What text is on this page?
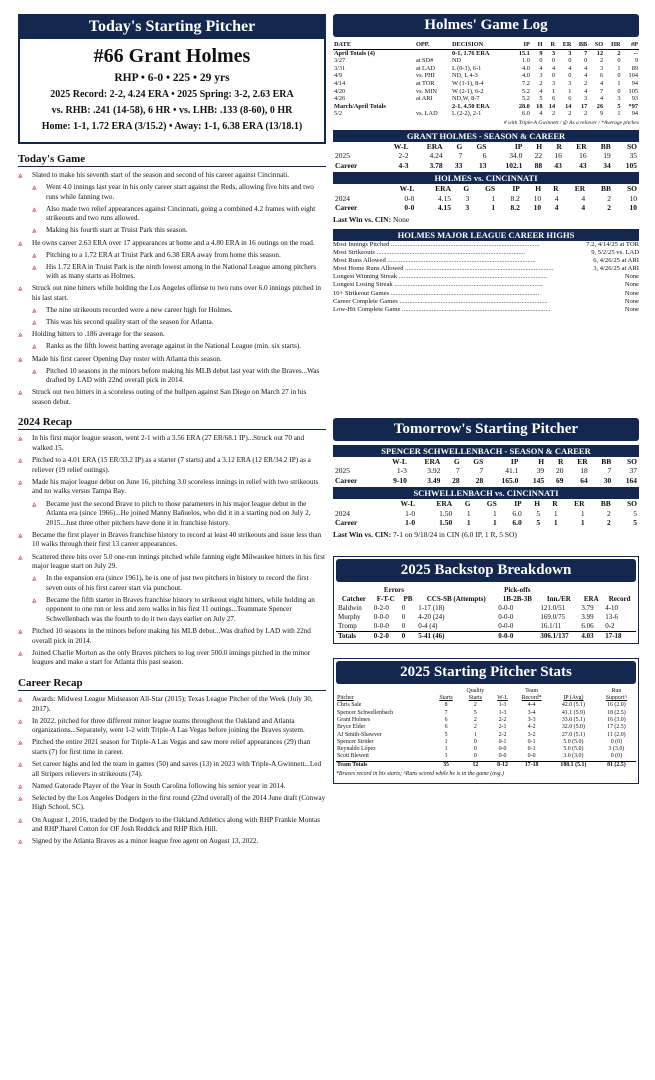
Today's Starting Pitcher
#66 Grant Holmes
RHP • 6-0 • 225 • 29 yrs
2025 Record: 2-2, 4.24 ERA • 2025 Spring: 3-2, 2.63 ERA
vs. RHB: .241 (14-58), 6 HR • vs. LHB: .133 (8-60), 0 HR
Home: 1-1, 1.72 ERA (3/15.2) • Away: 1-1, 6.38 ERA (13/18.1)
Today's Game
⩓ Slated to make his seventh start of the season and second of his career against Cincinnati.
⩓ Went 4.0 innings last year in his only career start against the Reds, allowing five hits and two runs while fanning two.
⩓ Also made two relief appearances against Cincinnati, going a combined 4.2 frames with eight strikeouts and two runs allowed.
⩓ Making his fourth start at Truist Park this season.
⩓ He owns career 2.63 ERA over 17 appearances at home and a 4.80 ERA in 16 outings on the road.
⩓ Pitching to a 1.72 ERA at Truist Park and 6.38 ERA away from home this season.
⩓ His 1.72 ERA in Truist Park is the ninth lowest among in the National League among pitchers with as many starts as Holmes.
⩓ Struck out nine hitters while holding the Los Angeles offense to two runs over 6.0 innings pitched in his last start.
⩓ The nine strikeouts recorded were a new career high for Holmes.
⩓ This was his second quality start of the season for Atlanta.
⩓ Holding hitters to .186 average for the season.
⩓ Ranks as the fifth lowest batting average against in the National League (min. six starts).
⩓ Made his first career Opening Day roster with Atlanta this season.
⩓ Pitched 10 seasons in the minors before making his MLB debut last year with the Braves...Was drafted by LAD with 22nd overall pick in 2014.
⩓ Struck out two hitters in a scoreless outing of the bullpen against San Diego on March 27 in his season debut.
2024 Recap
⩓ In his first major league season, went 2-1 with a 3.56 ERA (27 ER/68.1 IP)...Struck out 70 and walked 15.
⩓ Pitched to a 4.01 ERA (15 ER/33.2 IP) as a starter (7 starts) and a 3.12 ERA (12 ER/34.2 IP) as a reliever (19 relief outings).
⩓ Made his major league debut on June 16, pitching 3.0 scoreless innings in relief with two strikeouts and no walks versus Tampa Bay.
⩓ Became just the second Brave to pitch to those parameters in his major league debut in the Atlanta era (since 1966)...He joined Manny Bañuelos, who did it in a starting nod on July 2, 2015...Just three other pitchers have done it in franchise history.
⩓ Became the first player in Braves franchise history to record at least 40 strikeouts and issue less than 10 walks through their first 13 career appearances.
⩓ Scattered three hits over 5.0 one-run innings pitched while fanning eight Milwaukee hitters in his first major league start on July 29.
⩓ In the expansion era (since 1961), he is one of just two pitchers in history to record the first seven outs of his first career start via punchout.
⩓ Became the fifth starter in Braves franchise history to strikeout eight hitters, while holding an opponent to one run or less and zero walks in his first 11 outings...Teammate Spencer Schwellenbach was the fourth to do it two days earlier on July 27.
⩓ Pitched 10 seasons in the minors before making his MLB debut...Was drafted by LAD with 22nd overall pick in 2014.
⩓ Joined Charlie Morton as the only Braves pitchers to log over 500.0 innings pitched in the minor leagues and make a start for Atlanta this past season.
Career Recap
⩓ Awards: Midwest League Midseason All-Star (2015); Texas League Pitcher of the Week (July 30, 2017).
⩓ In 2022, pitched for three different minor league teams throughout the Oakland and Atlanta organizations...Separately, went 1-2 with Triple-A Las Vegas before joining the Braves system.
⩓ Pitched the entire 2021 season for Triple-A Las Vegas and saw more relief appearances (29) than starts (7) for first time in career.
⩓ Set career highs and led the team in games (50) and saves (13) in 2023 with Triple-A Gwinnett...Led all Stripers relievers in strikeouts (74).
⩓ Named Gatorade Player of the Year in South Carolina following his senior year in 2014.
⩓ Selected by the Los Angeles Dodgers in the first round (22nd overall) of the 2014 June draft (Conway High School, SC).
⩓ On August 1, 2016, traded by the Dodgers to the Oakland Athletics along with RHP Frankie Montas and RHP Jharel Cotton for OF Josh Reddick and RHP Rich Hill.
⩓ Signed by the Atlanta Braves as a minor league free agent on August 13, 2022.
Holmes' Game Log
DATE	OPP.	DECISION	IP	H	R	ER	BB	SO	HR	#P
April Totals (4)		0-1, 1.76 ERA	15.1	9	3	3	7	12	2	--
3/27	at SD#	ND	1.0	0	0	0	0	2	0	9
3/31	at LAD	L (0-1), 6-1	4.0	4	4	4	4	3	1	89
4/9	vs. PHI	ND, L 4-3	4.0	3	0	0	4	6	0	104
4/14	at TOR	W (1-1), 8-4	7.2	2	3	3	2	4	1	94
4/20	vs. MIN	W (2-1), 6-2	5.2	4	1	1	4	7	0	105
4/26	at ARI	ND,W, 8-7	5.2	5	6	6	3	4	3	93
March/April Totals		2-1, 4.50 ERA	28.0	18	14	14	17	26	5	*97
5/2	vs. LAD	L (2-2), 2-1	6.0	4	2	2	2	9	1	94
# with Triple-A Gwinnett / @ As a reliever / *Average pitches
GRANT HOLMES - SEASON & CAREER
	W-L	ERA	G	GS	IP	H	R	ER	BB	SO
2025	2-2	4.24	7	6	34.0	22	16	16	19	35
Career	4-3	3.78	33	13	102.1	88	43	43	34	105
HOLMES vs. CINCINNATI
	W-L	ERA	G	GS	IP	H	R	ER	BB	SO
2024	0-0	4.15	3	1	8.2	10	4	4	2	10
Career	0-0	4.15	3	1	8.2	10	4	4	2	10
Last Win vs. CIN: None
HOLMES MAJOR LEAGUE CAREER HIGHS
Most Innings Pitched ..........................................................................................	7.2, 4/14/25 at TOR
Most Strikeouts ..........................................................................................	9, 5/2/25 vs. LAD
Most Runs Allowed ..........................................................................................	6, 4/26/25 at ARI
Most Home Runs Allowed ..........................................................................................	3, 4/26/25 at ARI
Longest Winning Streak ..........................................................................................	None
Longest Losing Streak ..........................................................................................	None
10+ Strikeout Games ..........................................................................................	None
Career Complete Games ..........................................................................................	None
Low-Hit Complete Game ..........................................................................................	None
Tomorrow's Starting Pitcher
SPENCER SCHWELLENBACH - SEASON & CAREER
	W-L	ERA	G	GS	IP	H	R	ER	BB	SO
2025	1-3	3.92	7	7	41.1	39	20	18	7	37
Career	9-10	3.49	28	28	165.0	145	69	64	30	164
SCHWELLENBACH vs. CINCINNATI
	W-L	ERA	G	GS	IP	H	R	ER	BB	SO
2024	1-0	1.50	1	1	6.0	5	1	1	2	5
Career	1-0	1.50	1	1	6.0	5	1	1	2	5
Last Win vs. CIN: 7-1 on 9/18/24 in CIN (6.0 IP, 1 R, 5 SO)
2025 Backstop Breakdown
	Errors			Pick-offs			
Catcher	F-T-C	PB	CCS-SB (Attempts)	1B-2B-3B	Inn./ER	ERA	Record
Baldwin	0-2-0	0	1-17 (18)	0-0-0	121.0/51	3.79	4-10
Murphy	0-0-0	0	4-20 (24)	0-0-0	169.0/75	3.99	13-6
Tromp	0-0-0	0	0-4 (4)	0-0-0	16.1/11	6.06	0-2
Totals	0-2-0	0	5-41 (46)	0-0-0	306.1/137	4.03	17-18
2025 Starting Pitcher Stats
		Quality		Team		Run
Pitcher	Starts	Starts	W-L	Record*	IP (Avg)	Support^
Chris Sale	8	2	1-3	4-4	42.0 (5.1)	16 (2.0)
Spencer Schwellenbach	7	5	1-3	3-4	41.1 (5.9)	18 (2.5)
Grant Holmes	6	2	2-2	3-3	33.0 (5.1)	16 (3.0)
Bryce Elder	6	2	2-1	4-2	32.0 (5.0)	17 (2.5)
AJ Smith-Shawver	5	1	2-2	3-2	27.0 (5.1)	11 (2.0)
Spencer Strider	1	0	0-1	0-1	5.0 (5.0)	0 (0)
Reynaldo López	1	0	0-0	0-1	5.0 (5.0)	3 (3.0)
Scott Blewett	1	0	0-0	0-0	3.0 (3.0)	0 (0)
Team Totals	35	12	8-12	17-18	188.1 (5.1)	81 (2.5)
*Braves record in his starts; ^Runs scored while he is in the game (avg.)
